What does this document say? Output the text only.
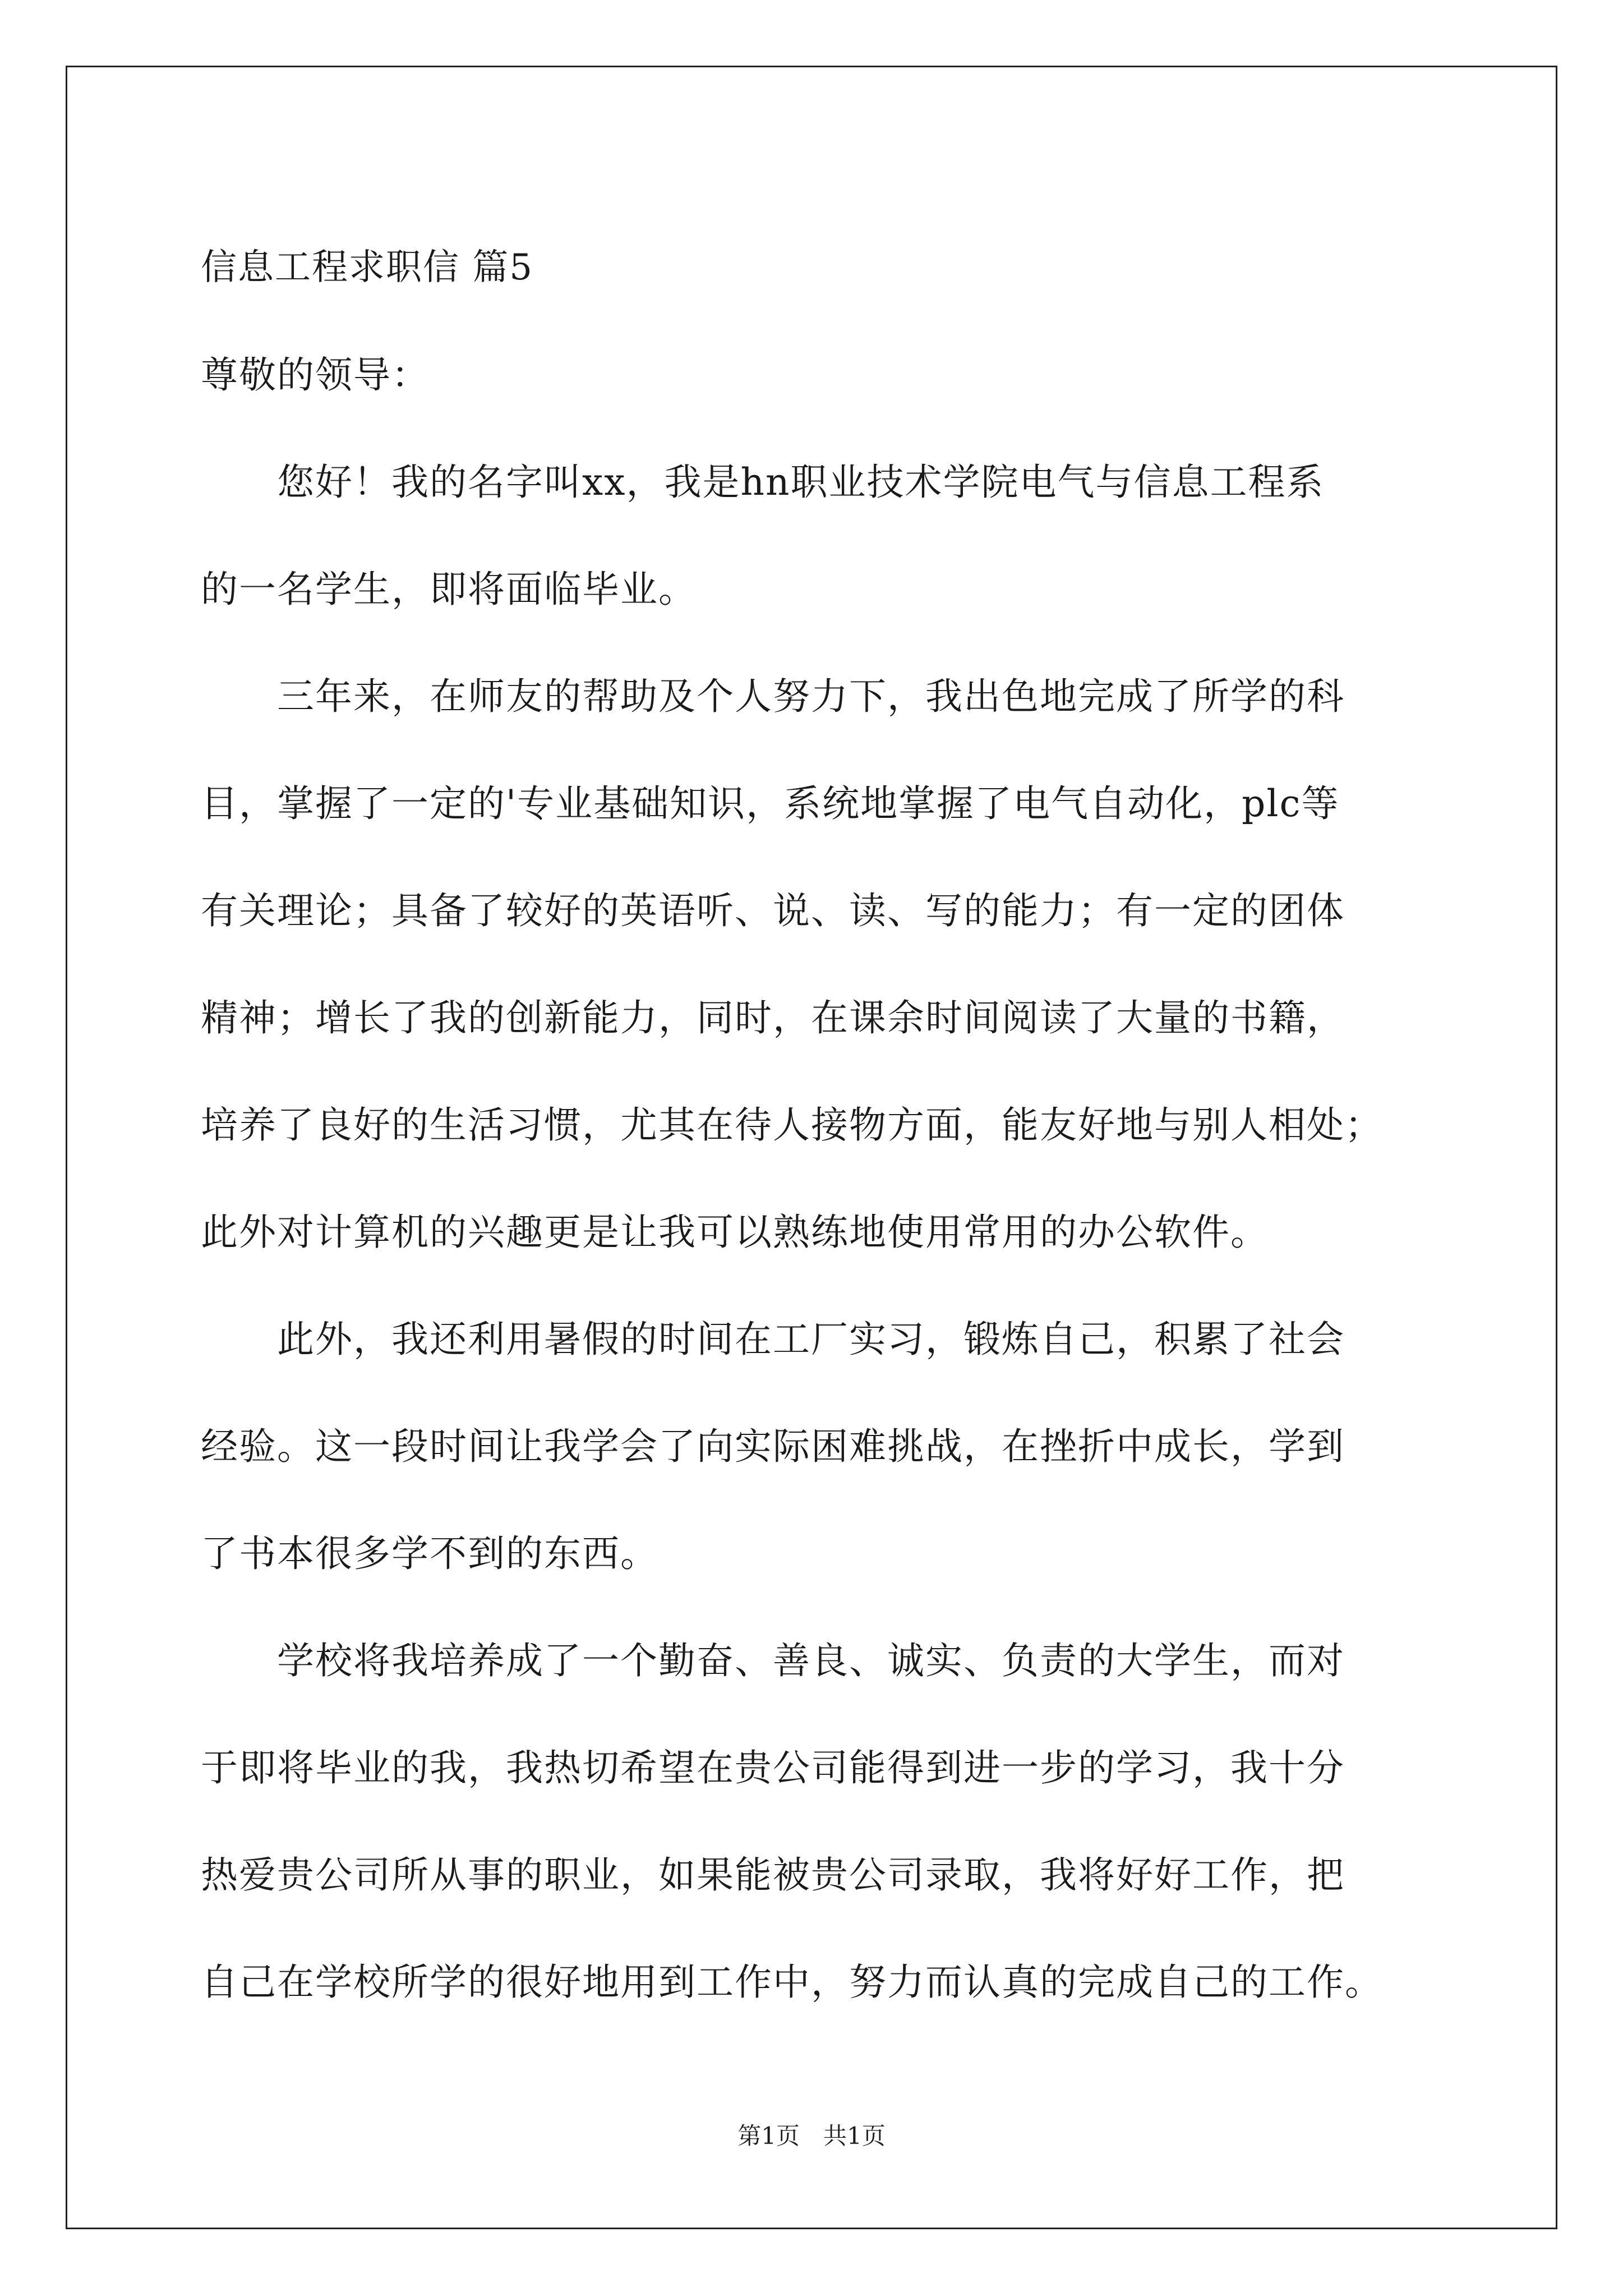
信息工程求职信 篇5
尊敬的领导：
　　您好！我的名字叫xx，我是hn职业技术学院电气与信息工程系
的一名学生，即将面临毕业。
　　三年来，在师友的帮助及个人努力下，我出色地完成了所学的科
目，掌握了一定的'专业基础知识，系统地掌握了电气自动化，plc等
有关理论；具备了较好的英语听、说、读、写的能力；有一定的团体
精神；增长了我的创新能力，同时，在课余时间阅读了大量的书籍，
培养了良好的生活习惯，尤其在待人接物方面，能友好地与别人相处；
此外对计算机的兴趣更是让我可以熟练地使用常用的办公软件。
　　此外，我还利用暑假的时间在工厂实习，锻炼自己，积累了社会
经验。这一段时间让我学会了向实际困难挑战，在挫折中成长，学到
了书本很多学不到的东西。
　　学校将我培养成了一个勤奋、善良、诚实、负责的大学生，而对
于即将毕业的我，我热切希望在贵公司能得到进一步的学习，我十分
热爱贵公司所从事的职业，如果能被贵公司录取，我将好好工作，把
自己在学校所学的很好地用到工作中，努力而认真的完成自己的工作。
第1页　共1页
